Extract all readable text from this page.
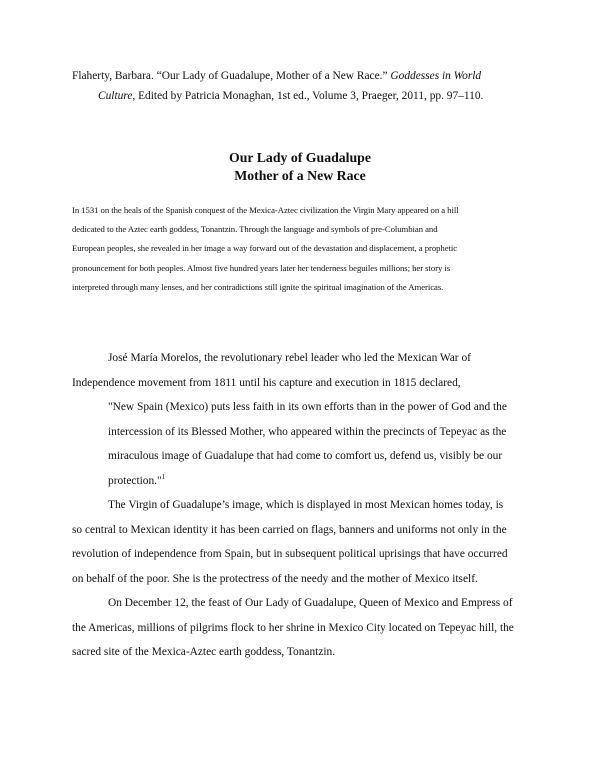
Flaherty, Barbara. “Our Lady of Guadalupe, Mother of a New Race.” Goddesses in World
Culture, Edited by Patricia Monaghan, 1st ed., Volume 3, Praeger, 2011, pp. 97–110.
Our Lady of Guadalupe
Mother of a New Race
In 1531 on the heals of the Spanish conquest of the Mexica-Aztec civilization the Virgin Mary appeared on a hill
dedicated to the Aztec earth goddess, Tonantzin. Through the language and symbols of pre-Columbian and
European peoples, she revealed in her image a way forward out of the devastation and displacement, a prophetic
pronouncement for both peoples. Almost five hundred years later her tenderness beguiles millions; her story is
interpreted through many lenses, and her contradictions still ignite the spiritual imagination of the Americas.
José María Morelos, the revolutionary rebel leader who led the Mexican War of
Independence movement from 1811 until his capture and execution in 1815 declared,
"New Spain (Mexico) puts less faith in its own efforts than in the power of God and the
intercession of its Blessed Mother, who appeared within the precincts of Tepeyac as the
miraculous image of Guadalupe that had come to comfort us, defend us, visibly be our
protection."$^1$
The Virgin of Guadalupe’s image, which is displayed in most Mexican homes today, is
so central to Mexican identity it has been carried on flags, banners and uniforms not only in the
revolution of independence from Spain, but in subsequent political uprisings that have occurred
on behalf of the poor. She is the protectress of the needy and the mother of Mexico itself.
On December 12, the feast of Our Lady of Guadalupe, Queen of Mexico and Empress of
the Americas, millions of pilgrims flock to her shrine in Mexico City located on Tepeyac hill, the
sacred site of the Mexica-Aztec earth goddess, Tonantzin.
